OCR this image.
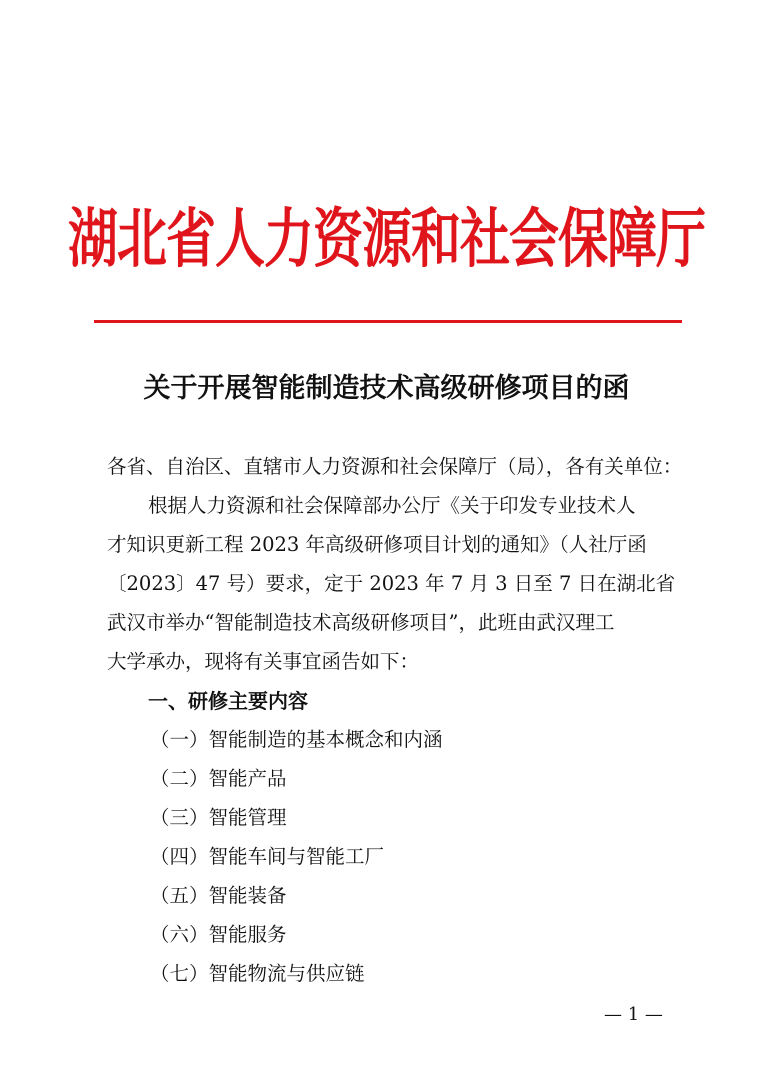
湖北省人力资源和社会保障厅
关于开展智能制造技术高级研修项目的函
各省、自治区、直辖市人力资源和社会保障厅（局），各有关单位：
根据人力资源和社会保障部办公厅《关于印发专业技术人
才知识更新工程 2023 年高级研修项目计划的通知》（人社厅函
〔2023〕47 号）要求，定于 2023 年 7 月 3 日至 7 日在湖北省
武汉市举办“智能制造技术高级研修项目”，此班由武汉理工
大学承办，现将有关事宜函告如下：
一、研修主要内容
（一）智能制造的基本概念和内涵
（二）智能产品
（三）智能管理
（四）智能车间与智能工厂
（五）智能装备
（六）智能服务
（七）智能物流与供应链
— 1 —
